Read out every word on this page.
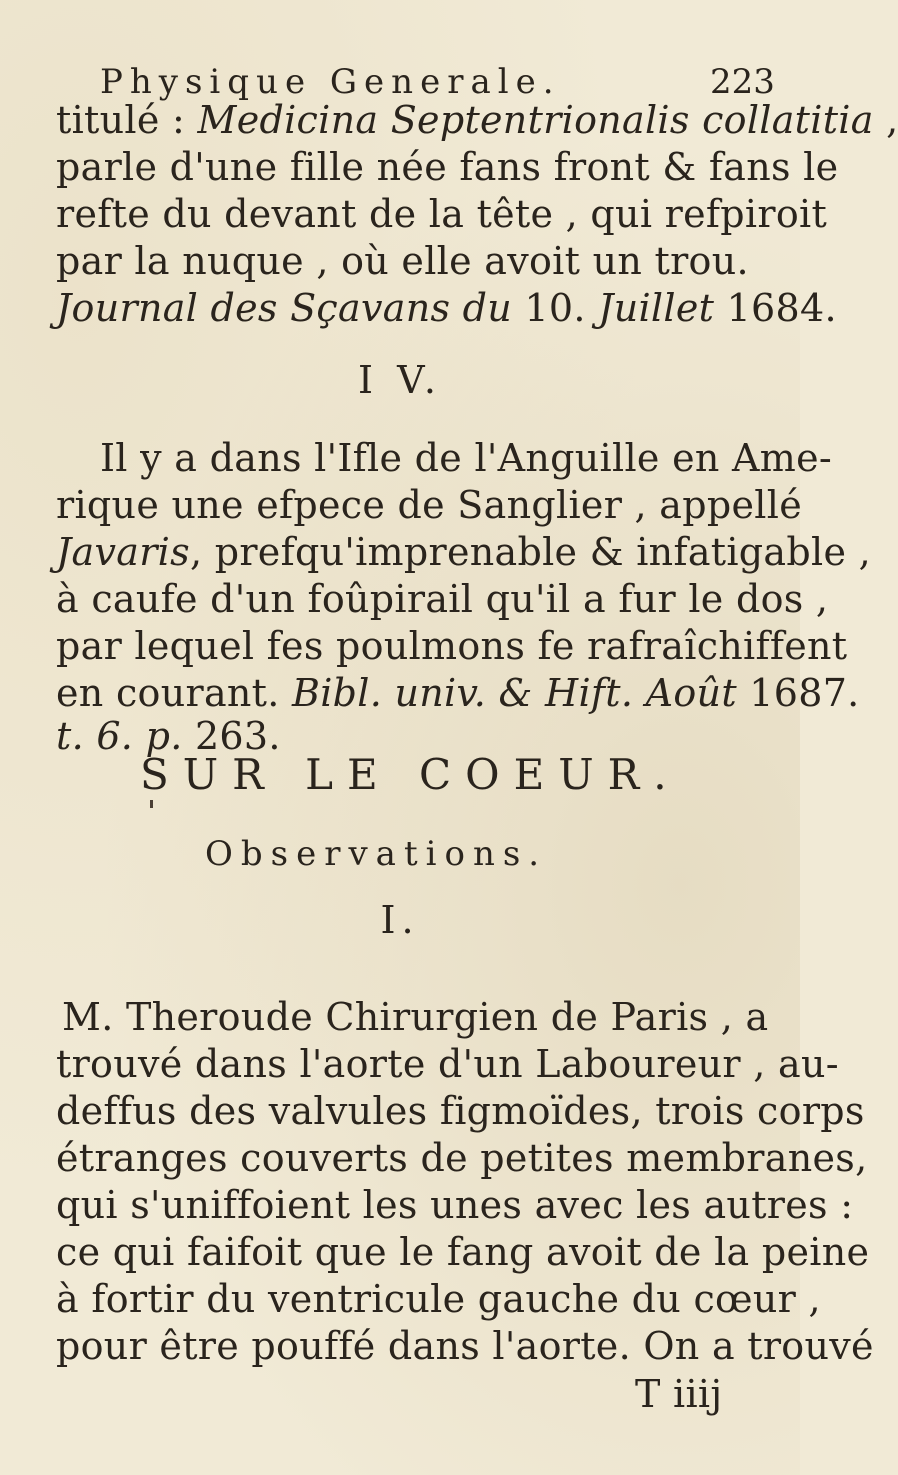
Physique Generale.	223
titulé : Medicina Septentrionalis collatitia ,
parle d'une fille née fans front & fans le
refte du devant de la tête , qui refpiroit
par la nuque , où elle avoit un trou.
Journal des Sçavans du 10. Juillet 1684.
I V.
Il y a dans l'Ifle de l'Anguille en Ame-
rique une efpece de Sanglier , appellé
Javaris, prefqu'imprenable & infatigable ,
à caufe d'un foûpirail qu'il a fur le dos ,
par lequel fes poulmons fe rafraîchiffent
en courant. Bibl. univ. & Hift. Août 1687.
t. 6. p. 263.
SUR LE COEUR.
Observations.
I.
M. Theroude Chirurgien de Paris , a
trouvé dans l'aorte d'un Laboureur , au-
deffus des valvules figmoïdes, trois corps
étranges couverts de petites membranes,
qui s'uniffoient les unes avec les autres :
ce qui faifoit que le fang avoit de la peine
à fortir du ventricule gauche du cœur ,
pour être pouffé dans l'aorte. On a trouvé
T iiij
